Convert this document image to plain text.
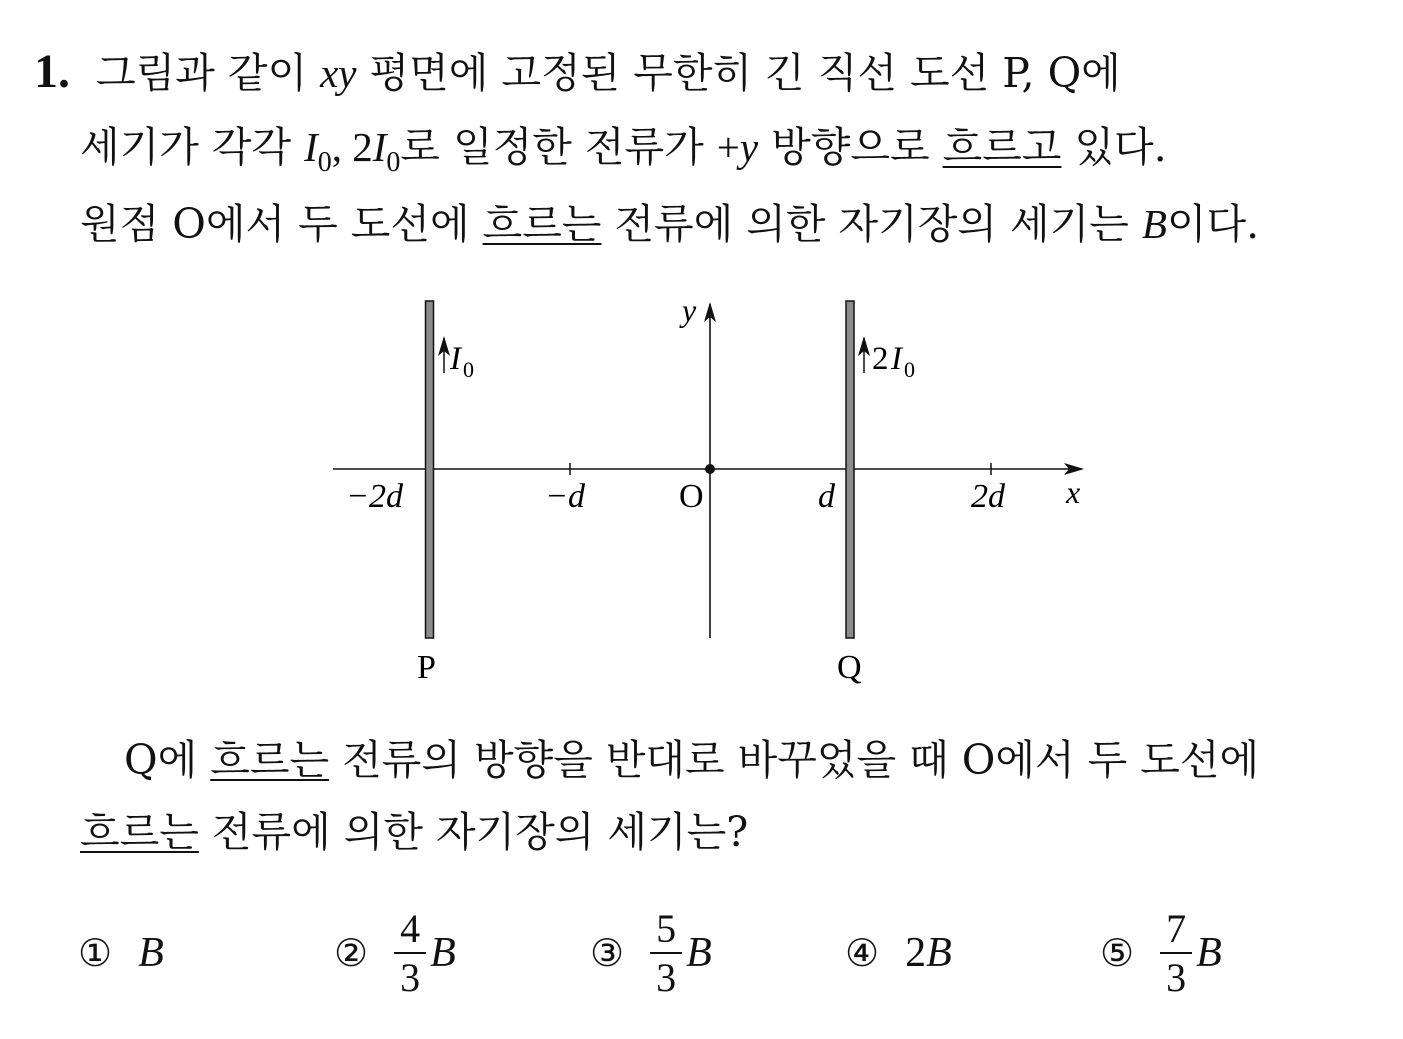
1. 그림과 같이 xy 평면에 고정된 무한히 긴 직선 도선 P, Q에
세기가 각각 $I_0$, $2I_0$로 일정한 전류가 +y 방향으로 흐르고 있다.
원점 O에서 두 도선에 흐르는 전류에 의한 자기장의 세기는 B이다.
y
x
O
−2d	−d	d	2d
I 0	2 I 0
P	Q
Q에 흐르는 전류의 방향을 반대로 바꾸었을 때 O에서 두 도선에
흐르는 전류에 의한 자기장의 세기는?
① B	② $\frac{4}{3}$ B	③ $\frac{5}{3}$ B	④ 2 B	⑤ $\frac{7}{3}$ B
